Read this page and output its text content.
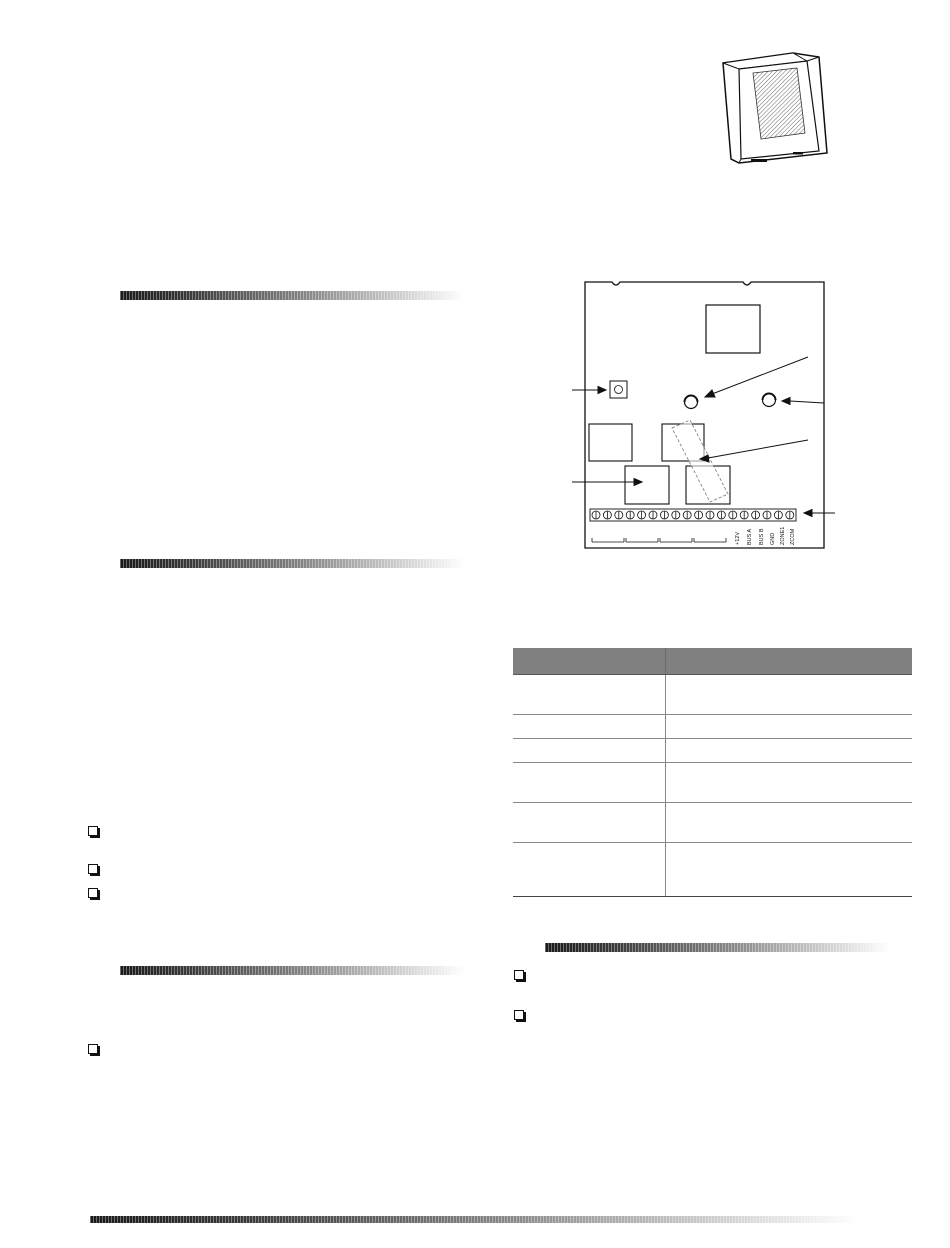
+12V BUS A BUS B GND ZONE1 ZCOM
